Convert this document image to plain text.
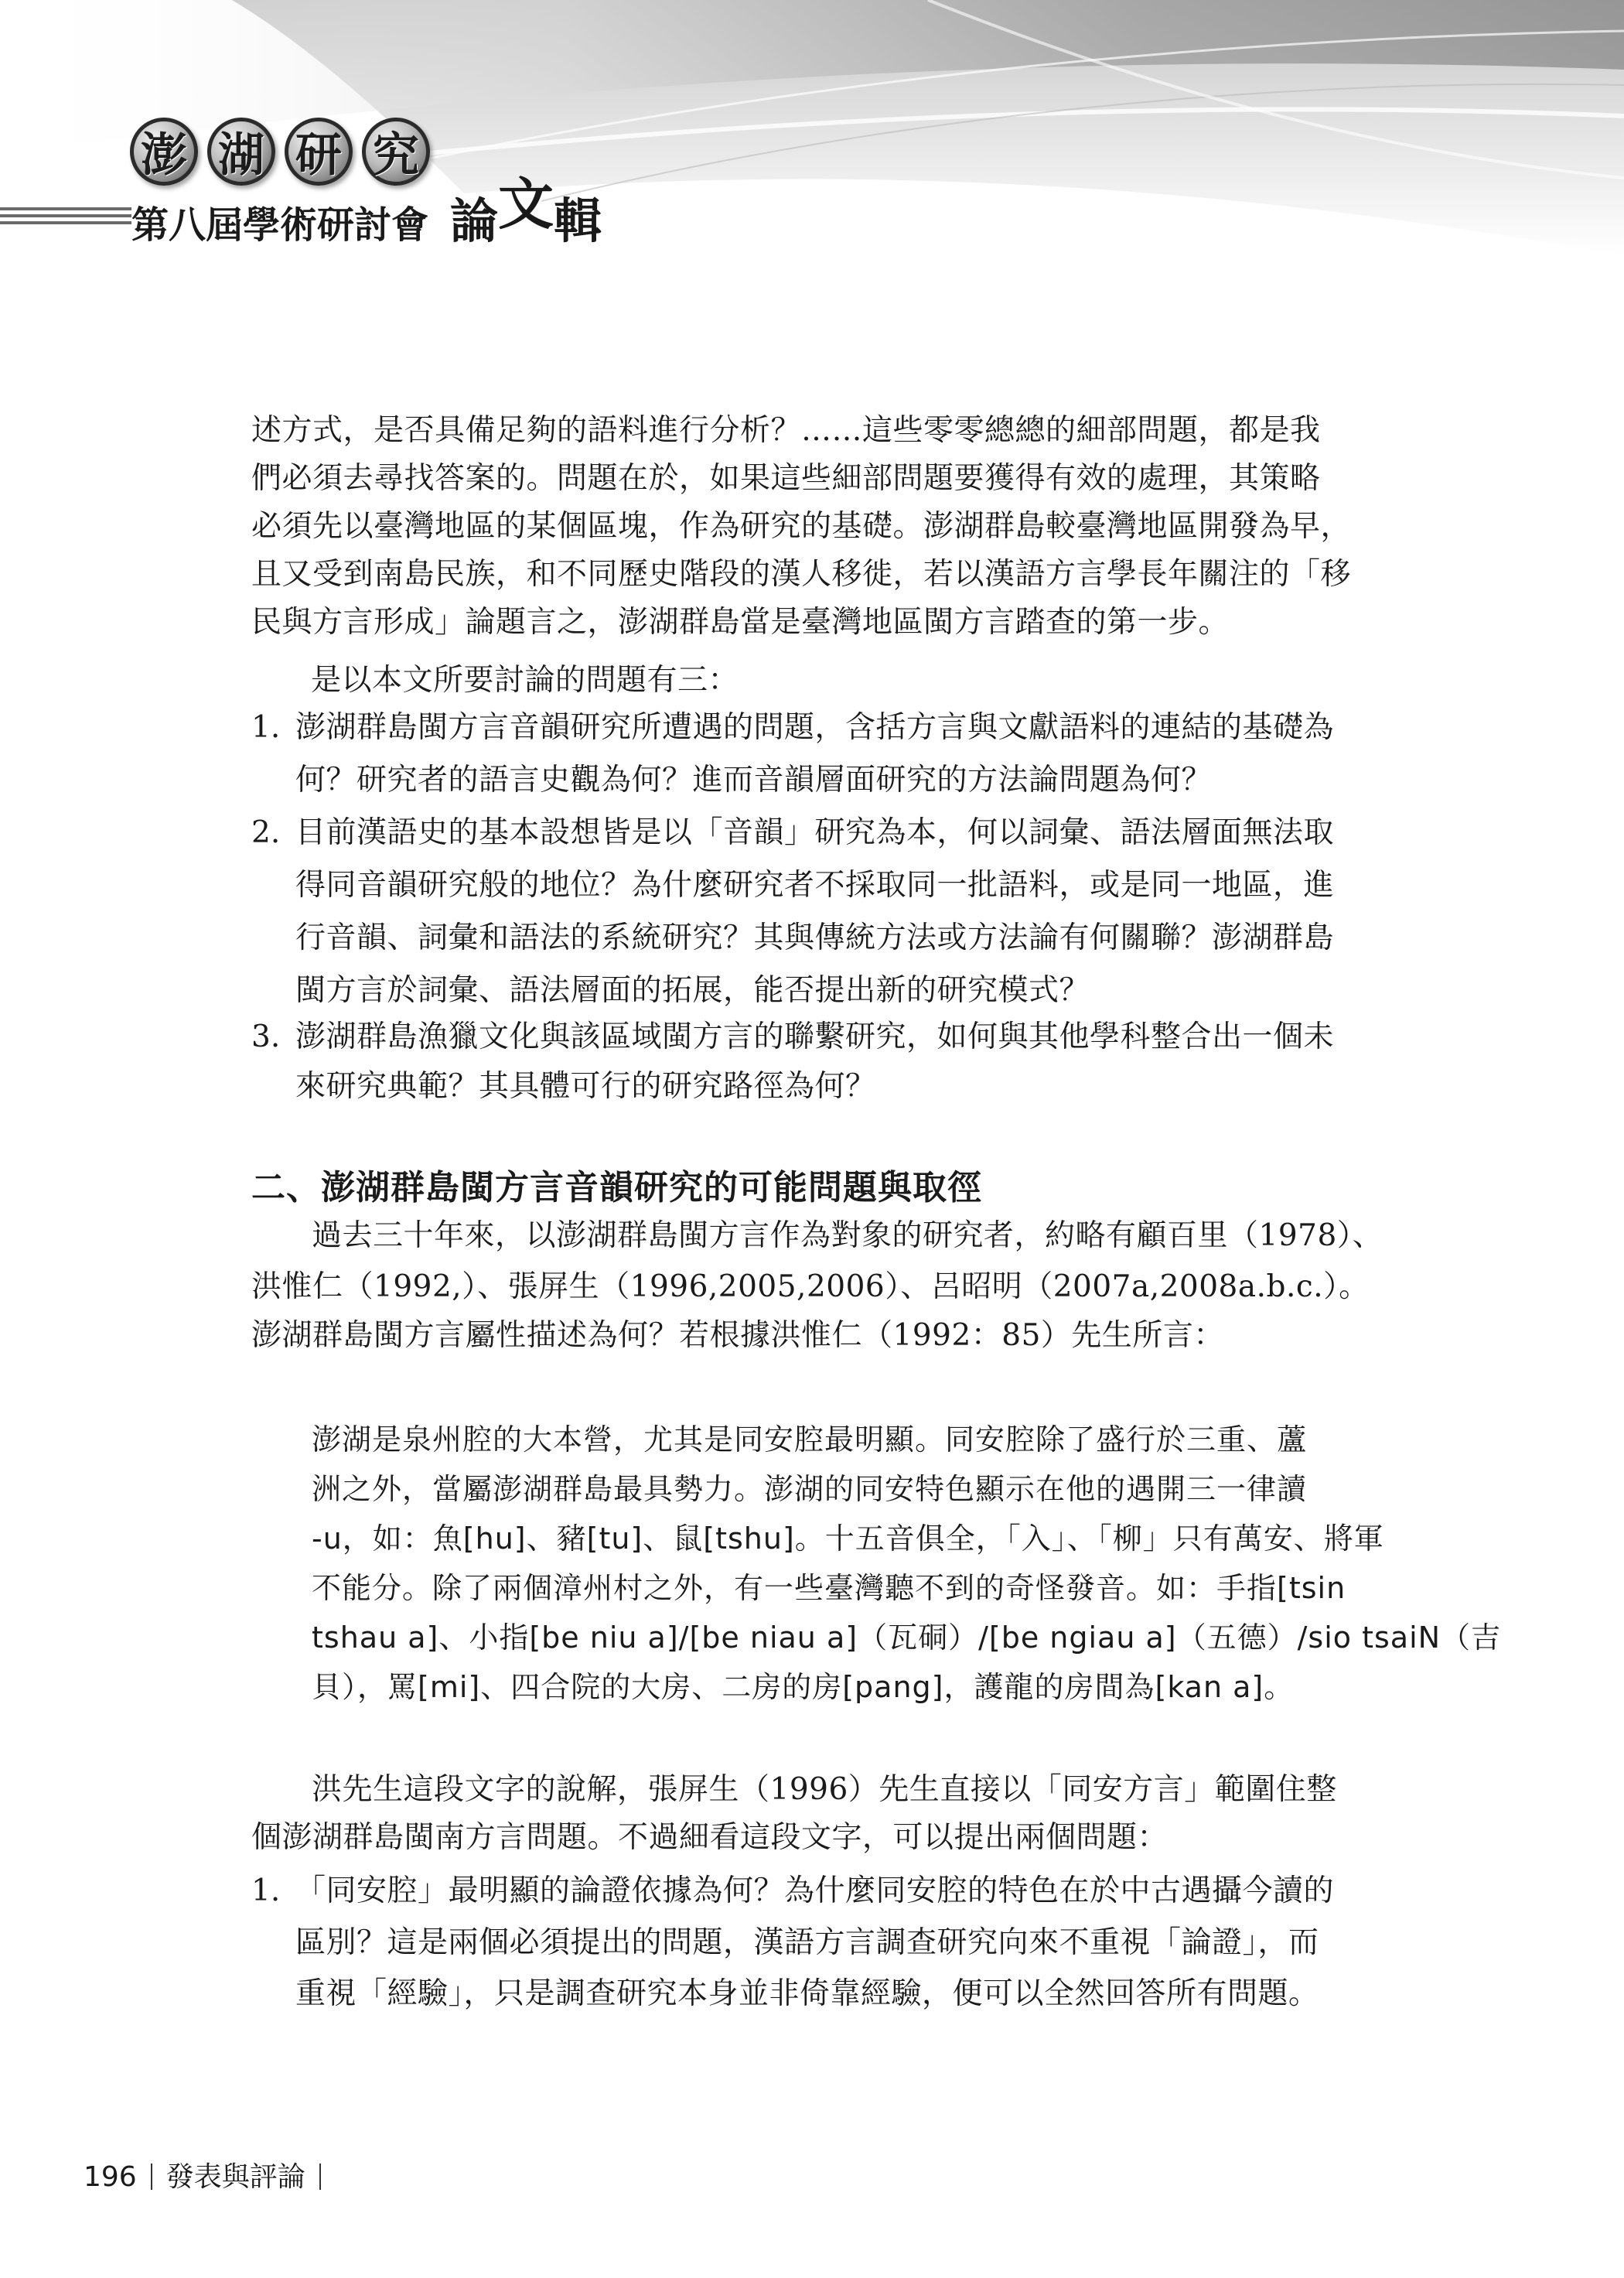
澎 湖 研 究
第八屆學術研討會 論文輯
述方式，是否具備足夠的語料進行分析？……這些零零總總的細部問題，都是我
們必須去尋找答案的。問題在於，如果這些細部問題要獲得有效的處理，其策略
必須先以臺灣地區的某個區塊，作為研究的基礎。澎湖群島較臺灣地區開發為早，
且又受到南島民族，和不同歷史階段的漢人移徙，若以漢語方言學長年關注的「移
民與方言形成」論題言之，澎湖群島當是臺灣地區閩方言踏查的第一步。
是以本文所要討論的問題有三：
1. 澎湖群島閩方言音韻研究所遭遇的問題，含括方言與文獻語料的連結的基礎為
何？研究者的語言史觀為何？進而音韻層面研究的方法論問題為何？
2. 目前漢語史的基本設想皆是以「音韻」研究為本，何以詞彙、語法層面無法取
得同音韻研究般的地位？為什麼研究者不採取同一批語料，或是同一地區，進
行音韻、詞彙和語法的系統研究？其與傳統方法或方法論有何關聯？澎湖群島
閩方言於詞彙、語法層面的拓展，能否提出新的研究模式？
3. 澎湖群島漁獵文化與該區域閩方言的聯繫研究，如何與其他學科整合出一個未
來研究典範？其具體可行的研究路徑為何？
二、澎湖群島閩方言音韻研究的可能問題與取徑
過去三十年來，以澎湖群島閩方言作為對象的研究者，約略有顧百里（1978）、
洪惟仁（1992,）、張屏生（1996,2005,2006）、呂昭明（2007a,2008a.b.c.）。
澎湖群島閩方言屬性描述為何？若根據洪惟仁（1992：85）先生所言：
澎湖是泉州腔的大本營，尤其是同安腔最明顯。同安腔除了盛行於三重、蘆
洲之外，當屬澎湖群島最具勢力。澎湖的同安特色顯示在他的遇開三一律讀
-u，如：魚[hu]、豬[tu]、鼠[tshu]。十五音俱全，「入」、「柳」只有萬安、將軍
不能分。除了兩個漳州村之外，有一些臺灣聽不到的奇怪發音。如：手指[tsin
tshau a]、小指[be niu a]/[be niau a]（瓦硐）/[be ngiau a]（五德）/sio tsaiN（吉
貝），罵[mi]、四合院的大房、二房的房[pang]，護龍的房間為[kan a]。
洪先生這段文字的說解，張屏生（1996）先生直接以「同安方言」範圍住整
個澎湖群島閩南方言問題。不過細看這段文字，可以提出兩個問題：
1. 「同安腔」最明顯的論證依據為何？為什麼同安腔的特色在於中古遇攝今讀的
區別？這是兩個必須提出的問題，漢語方言調查研究向來不重視「論證」，而
重視「經驗」，只是調查研究本身並非倚靠經驗，便可以全然回答所有問題。
196 發表與評論
